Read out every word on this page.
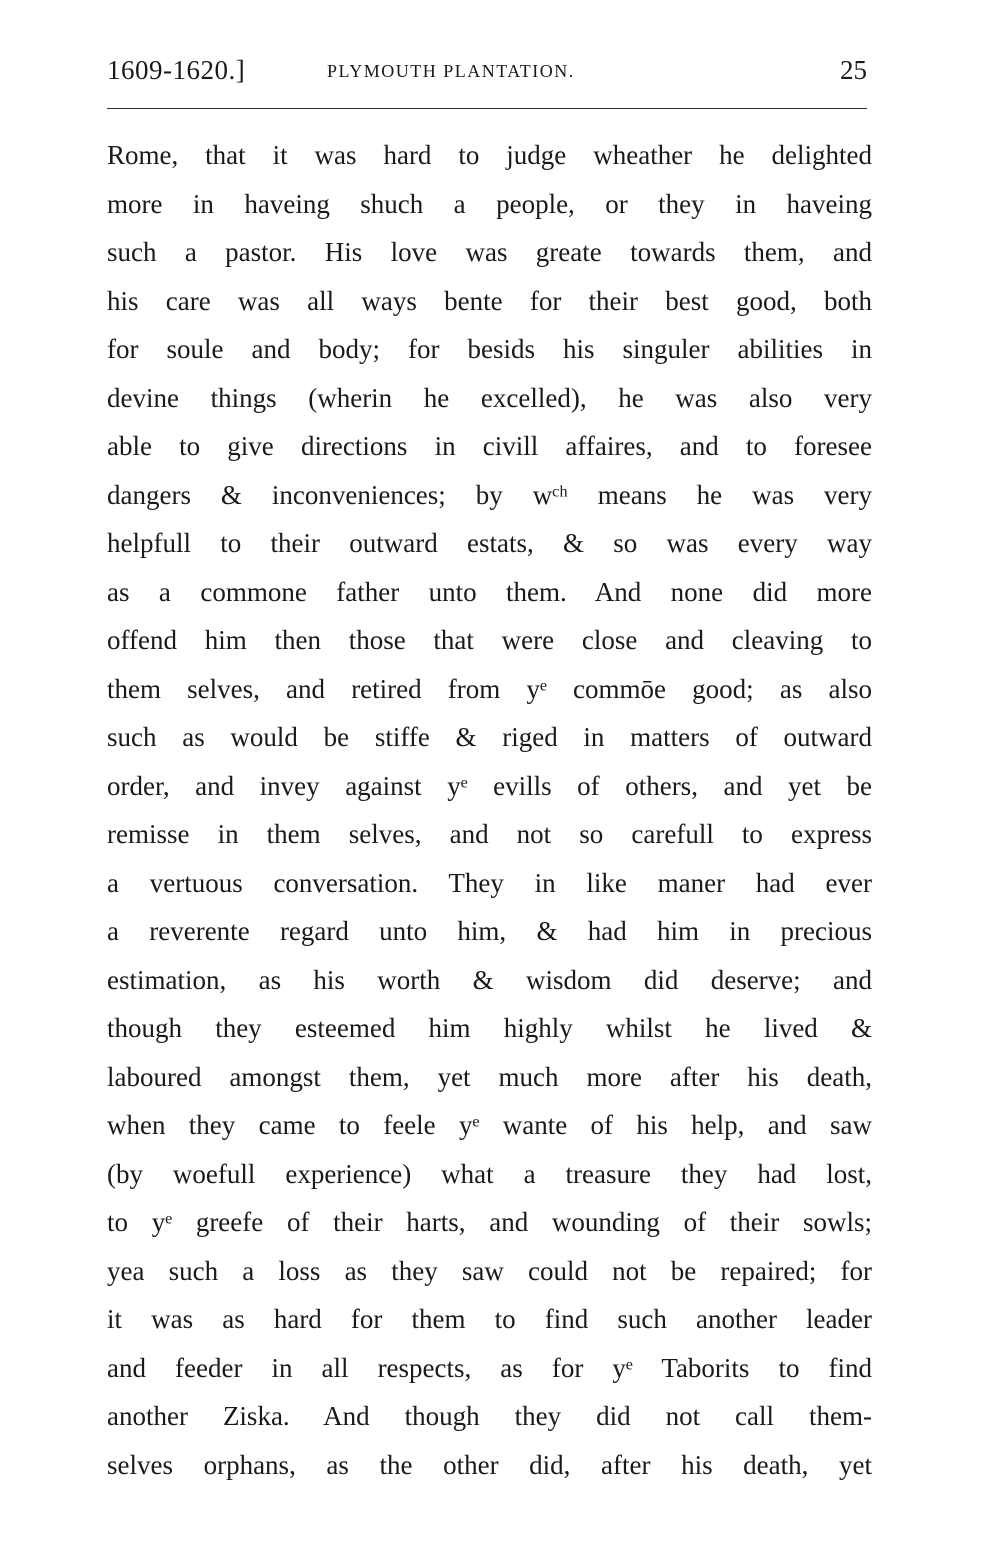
1609-1620.]	PLYMOUTH PLANTATION.	25
Rome, that it was hard to judge wheather he delighted
more in haveing shuch a people, or they in haveing
such a pastor. His love was greate towards them, and
his care was all ways bente for their best good, both
for soule and body; for besids his singuler abilities in
devine things (wherin he excelled), he was also very
able to give directions in civill affaires, and to foresee
dangers & inconveniences; by wᶜʰ means he was very
helpfull to their outward estats, & so was every way
as a commone father unto them. And none did more
offend him then those that were close and cleaving to
them selves, and retired from yᵉ commōe good; as also
such as would be stiffe & riged in matters of outward
order, and invey against yᵉ evills of others, and yet be
remisse in them selves, and not so carefull to express
a vertuous conversation. They in like maner had ever
a reverente regard unto him, & had him in precious
estimation, as his worth & wisdom did deserve; and
though they esteemed him highly whilst he lived &
laboured amongst them, yet much more after his death,
when they came to feele yᵉ wante of his help, and saw
(by woefull experience) what a treasure they had lost,
to yᵉ greefe of their harts, and wounding of their sowls;
yea such a loss as they saw could not be repaired; for
it was as hard for them to find such another leader
and feeder in all respects, as for yᵉ Taborits to find
another Ziska. And though they did not call them-
selves orphans, as the other did, after his death, yet
